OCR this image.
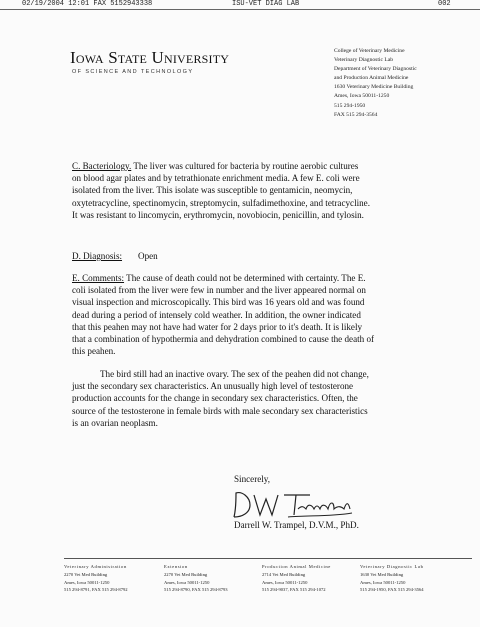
02/19/2004 12:01 FAX 5152943338	ISU-VET DIAG LAB	002
Iowa State University
OF SCIENCE AND TECHNOLOGY
College of Veterinary Medicine
Veterinary Diagnostic Lab
Department of Veterinary Diagnostic
and Production Animal Medicine
1630 Veterinary Medicine Building
Ames, Iowa 50011-1250
515 294-1950
FAX 515 294-3564
C. Bacteriology. The liver was cultured for bacteria by routine aerobic cultures
on blood agar plates and by tetrathionate enrichment media. A few E. coli were
isolated from the liver. This isolate was susceptible to gentamicin, neomycin,
oxytetracycline, spectinomycin, streptomycin, sulfadimethoxine, and tetracycline.
It was resistant to lincomycin, erythromycin, novobiocin, penicillin, and tylosin.
D. Diagnosis: Open
E. Comments: The cause of death could not be determined with certainty. The E.
coli isolated from the liver were few in number and the liver appeared normal on
visual inspection and microscopically. This bird was 16 years old and was found
dead during a period of intensely cold weather. In addition, the owner indicated
that this peahen may not have had water for 2 days prior to it's death. It is likely
that a combination of hypothermia and dehydration combined to cause the death of
this peahen.
The bird still had an inactive ovary. The sex of the peahen did not change,
just the secondary sex characteristics. An unusually high level of testosterone
production accounts for the change in secondary sex characteristics. Often, the
source of the testosterone in female birds with male secondary sex characteristics
is an ovarian neoplasm.
Sincerely,
Darrell W. Trampel, D.V.M., PhD.
Veterinary Administration
2270 Vet Med Building
Ames, Iowa 50011-1250
515 294-8791, FAX 515 294-8792
Extension
2270 Vet Med Building
Ames, Iowa 50011-1250
515 294-8790, FAX 515 294-8793
Production Animal Medicine
2714 Vet Med Building
Ames, Iowa 50011-1250
515 294-9037, FAX 515 294-1072
Veterinary Diagnostic Lab
1630 Vet Med Building
Ames, Iowa 50011-1250
515 294-1950, FAX 515 294-3564
